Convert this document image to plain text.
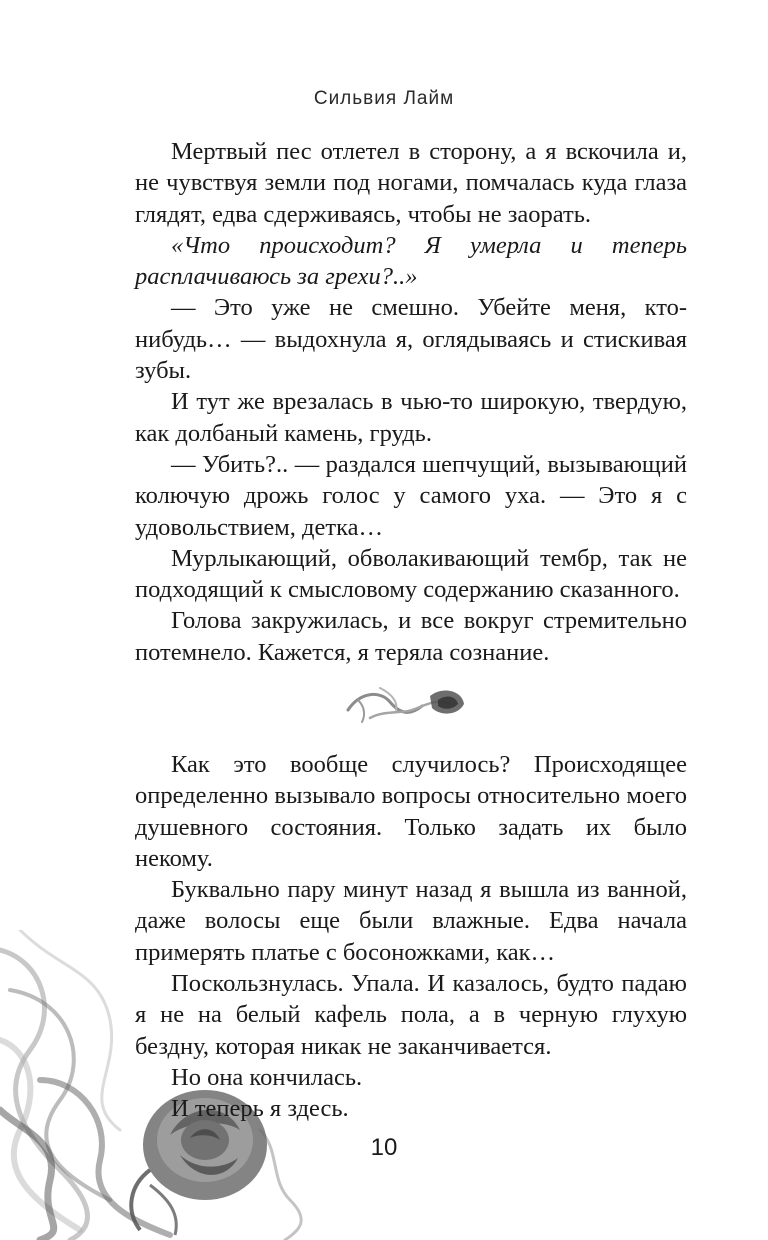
Сильвия Лайм

Мертвый пес отлетел в сторону, а я вскочила и, не чувствуя земли под ногами, помчалась куда глаза глядят, едва сдерживаясь, чтобы не заорать.

«Что происходит? Я умерла и теперь расплачиваюсь за грехи?..»

— Это уже не смешно. Убейте меня, кто-нибудь… — выдохнула я, оглядываясь и стискивая зубы.

И тут же врезалась в чью-то широкую, твердую, как долбаный камень, грудь.

— Убить?.. — раздался шепчущий, вызывающий колючую дрожь голос у самого уха. — Это я с удовольствием, детка…

Мурлыкающий, обволакивающий тембр, так не подходящий к смысловому содержанию сказанного.

Голова закружилась, и все вокруг стремительно потемнело. Кажется, я теряла сознание.

Как это вообще случилось? Происходящее определенно вызывало вопросы относительно моего душевного состояния. Только задать их было некому.

Буквально пару минут назад я вышла из ванной, даже волосы еще были влажные. Едва начала примерять платье с босоножками, как…

Поскользнулась. Упала. И казалось, будто падаю я не на белый кафель пола, а в черную глухую бездну, которая никак не заканчивается.

Но она кончилась.

И теперь я здесь.

10
